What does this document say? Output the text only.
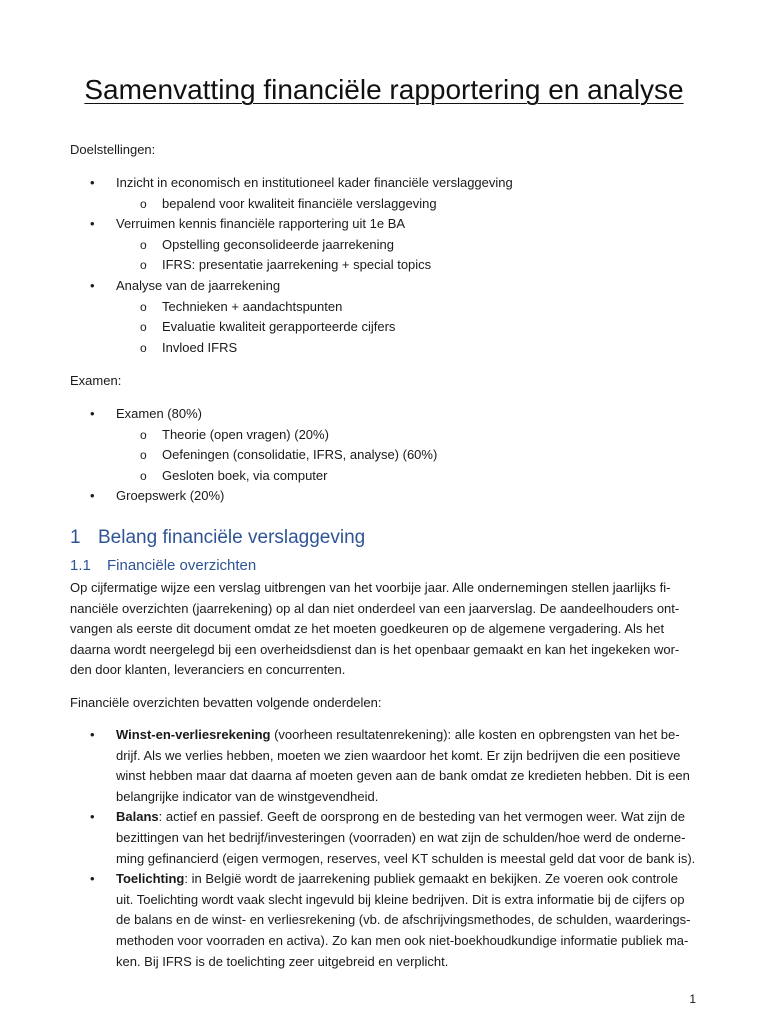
Samenvatting financiële rapportering en analyse
Doelstellingen:
• Inzicht in economisch en institutioneel kader financiële verslaggeving
o bepalend voor kwaliteit financiële verslaggeving
• Verruimen kennis financiële rapportering uit 1e BA
o Opstelling geconsolideerde jaarrekening
o IFRS: presentatie jaarrekening + special topics
• Analyse van de jaarrekening
o Technieken + aandachtspunten
o Evaluatie kwaliteit gerapporteerde cijfers
o Invloed IFRS
Examen:
• Examen (80%)
o Theorie (open vragen) (20%)
o Oefeningen (consolidatie, IFRS, analyse) (60%)
o Gesloten boek, via computer
• Groepswerk (20%)
1 Belang financiële verslaggeving
1.1 Financiële overzichten
Op cijfermatige wijze een verslag uitbrengen van het voorbije jaar. Alle ondernemingen stellen jaarlijks fi-
nanciële overzichten (jaarrekening) op al dan niet onderdeel van een jaarverslag. De aandeelhouders ont-
vangen als eerste dit document omdat ze het moeten goedkeuren op de algemene vergadering. Als het
daarna wordt neergelegd bij een overheidsdienst dan is het openbaar gemaakt en kan het ingekeken wor-
den door klanten, leveranciers en concurrenten.
Financiële overzichten bevatten volgende onderdelen:
• Winst-en-verliesrekening (voorheen resultatenrekening): alle kosten en opbrengsten van het be-
drijf. Als we verlies hebben, moeten we zien waardoor het komt. Er zijn bedrijven die een positieve
winst hebben maar dat daarna af moeten geven aan de bank omdat ze kredieten hebben. Dit is een
belangrijke indicator van de winstgevendheid.
• Balans: actief en passief. Geeft de oorsprong en de besteding van het vermogen weer. Wat zijn de
bezittingen van het bedrijf/investeringen (voorraden) en wat zijn de schulden/hoe werd de onderne-
ming gefinancierd (eigen vermogen, reserves, veel KT schulden is meestal geld dat voor de bank is).
• Toelichting: in België wordt de jaarrekening publiek gemaakt en bekijken. Ze voeren ook controle
uit. Toelichting wordt vaak slecht ingevuld bij kleine bedrijven. Dit is extra informatie bij de cijfers op
de balans en de winst- en verliesrekening (vb. de afschrijvingsmethodes, de schulden, waarderings-
methoden voor voorraden en activa). Zo kan men ook niet-boekhoudkundige informatie publiek ma-
ken. Bij IFRS is de toelichting zeer uitgebreid en verplicht.
1
